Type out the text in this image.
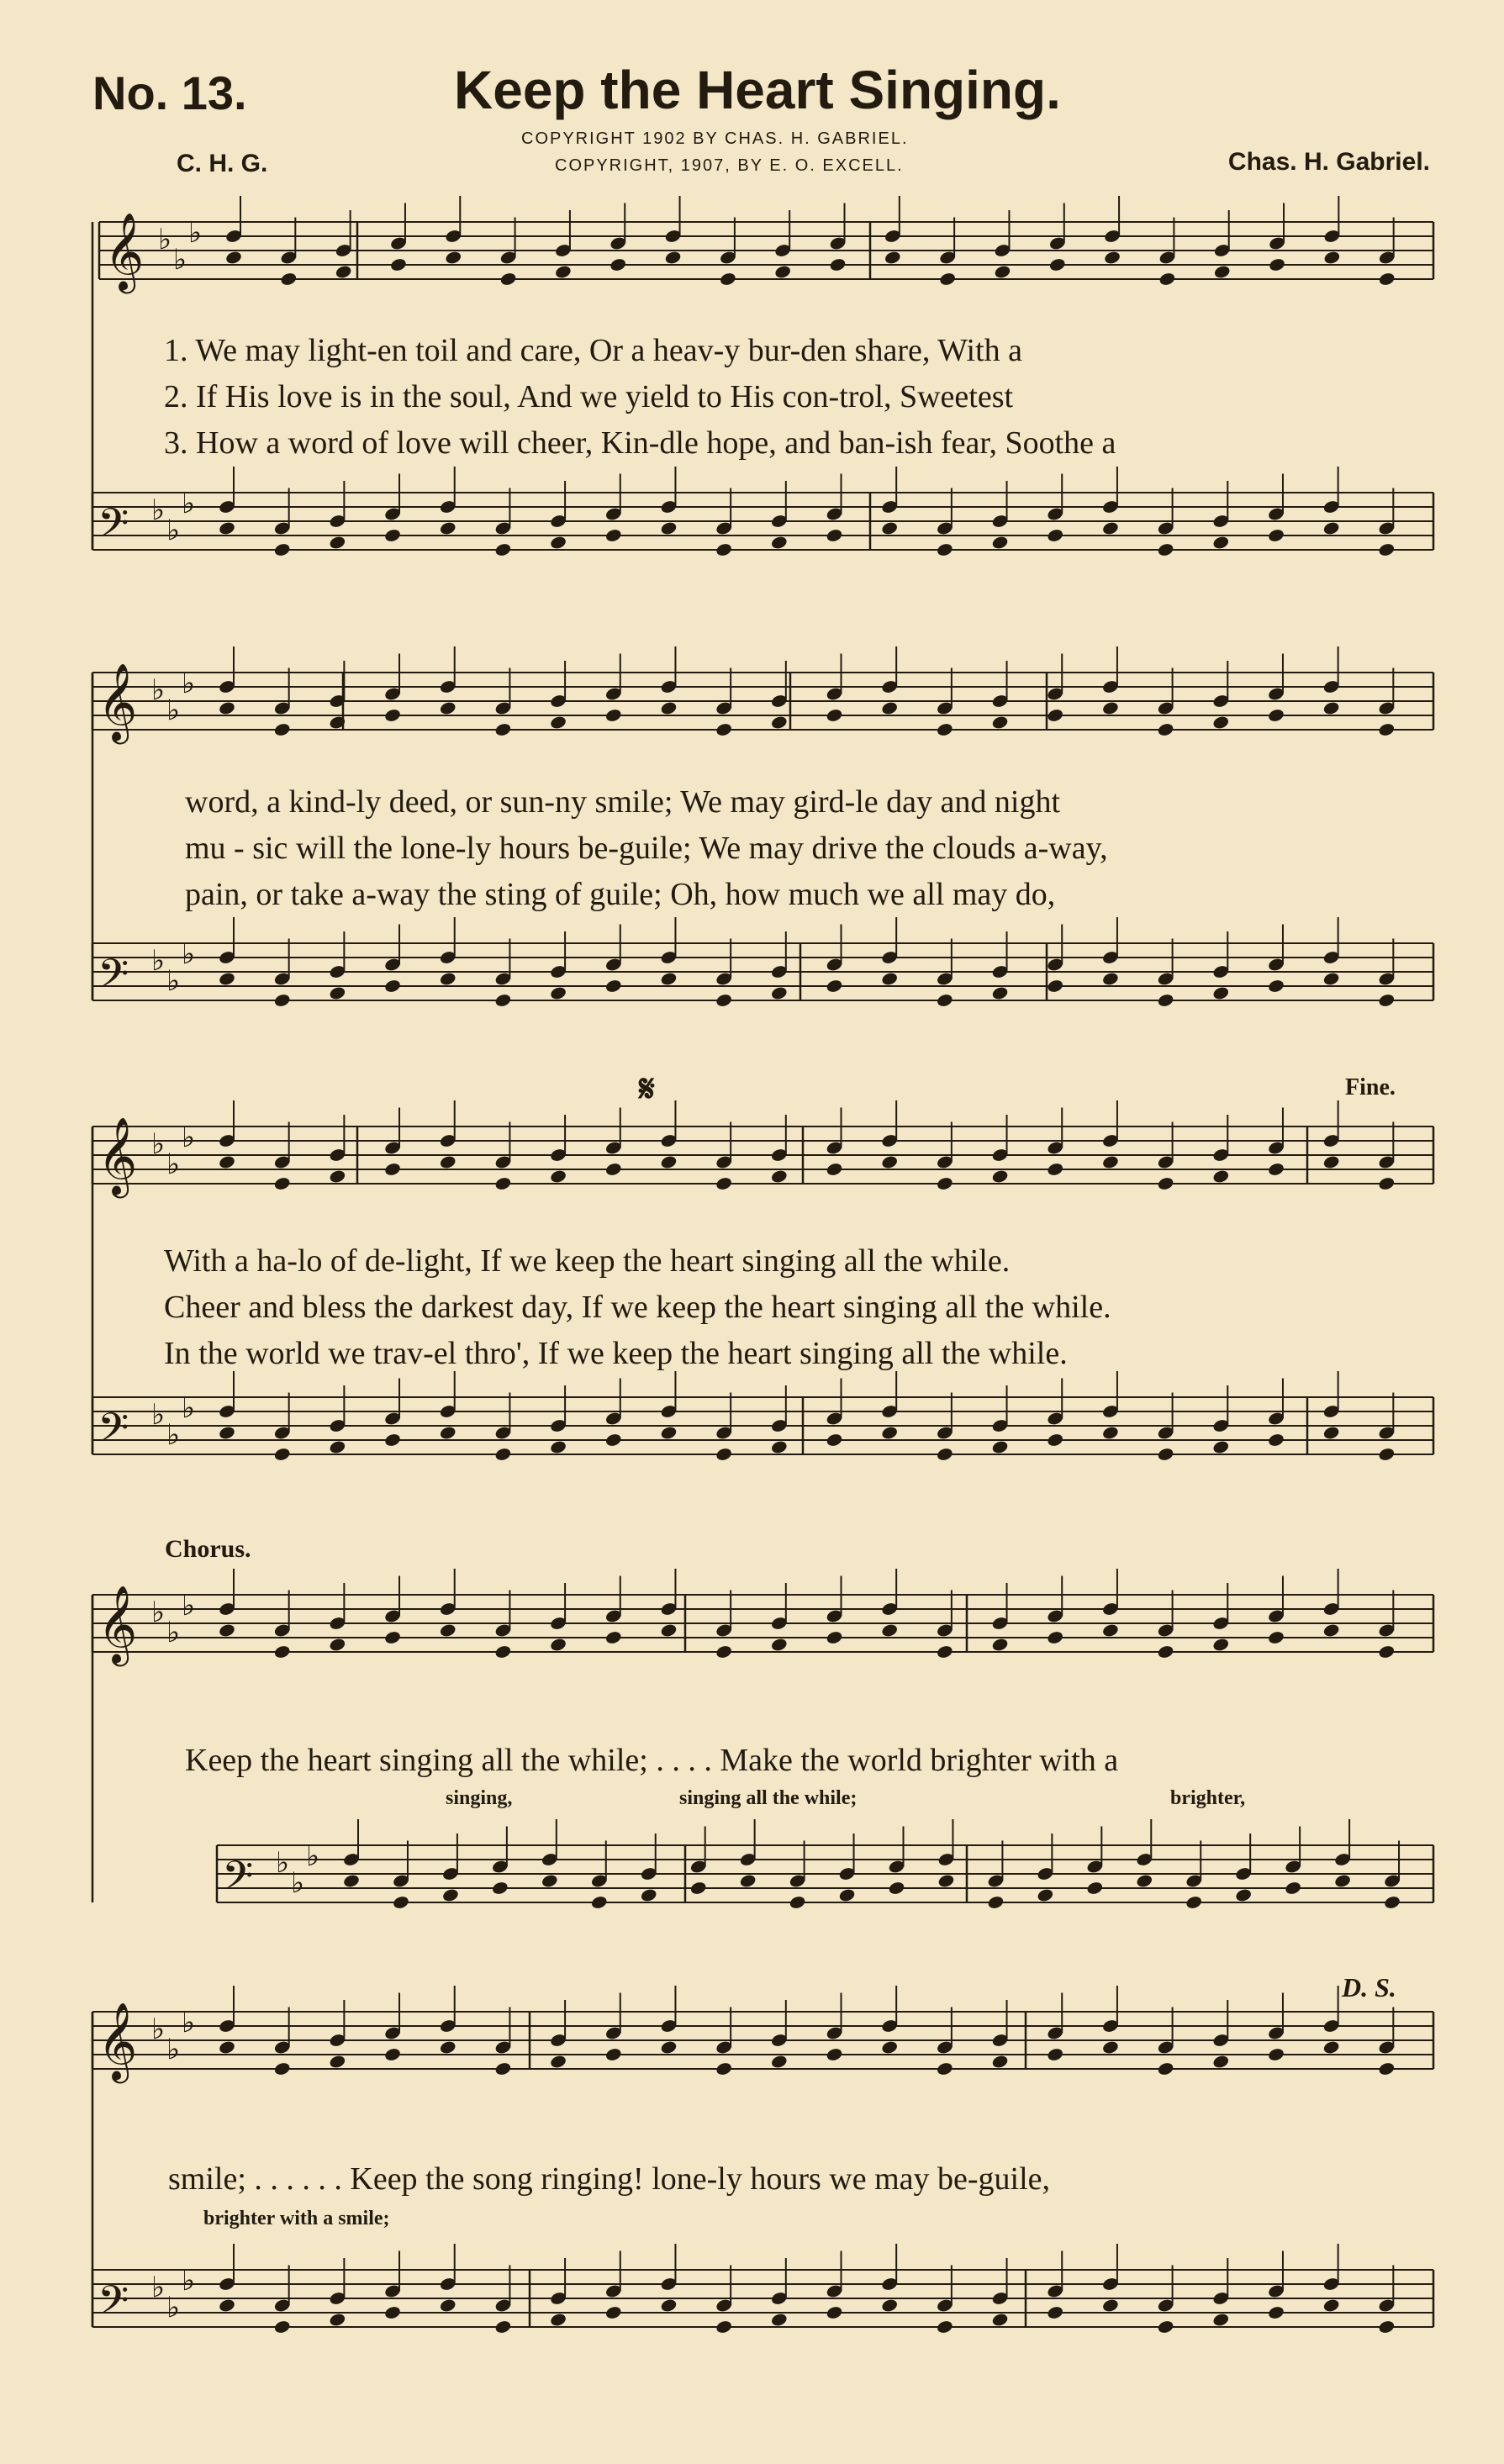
No. 13.	Keep the Heart Singing.
COPYRIGHT 1902 BY CHAS. H. GABRIEL.
COPYRIGHT, 1907, BY E. O. EXCELL.
C. H. G.	Chas. H. Gabriel.
𝄞 ♭
♭
♭
𝄢 ♭
♭
♭
𝄞 ♭
♭
♭
𝄢 ♭
♭
♭
𝄞 ♭
♭
♭
𝄢 ♭
♭
♭
𝄞 ♭
♭
♭
𝄢 ♭
♭
♭
𝄞 ♭
♭
♭
𝄢 ♭
♭
♭
1. We may light-en toil and care, Or a heav-y bur-den share, With a
2. If His love is in the soul, And we yield to His con-trol, Sweetest
3. How a word of love will cheer, Kin-dle hope, and ban-ish fear, Soothe a
word, a kind-ly deed, or sun-ny smile; We may gird-le day and night
mu - sic will the lone-ly hours be-guile; We may drive the clouds a-way,
pain, or take a-way the sting of guile; Oh, how much we all may do,
Fine.
𝄋
With a ha-lo of de-light, If we keep the heart singing all the while.
Cheer and bless the darkest day, If we keep the heart singing all the while.
In the world we trav-el thro', If we keep the heart singing all the while.
Chorus.
Keep the heart singing all the while; . . . . Make the world brighter with a
singing,	singing all the while;	brighter,
D. S.
smile; . . . . . . Keep the song ringing! lone-ly hours we may be-guile,
brighter with a smile;
